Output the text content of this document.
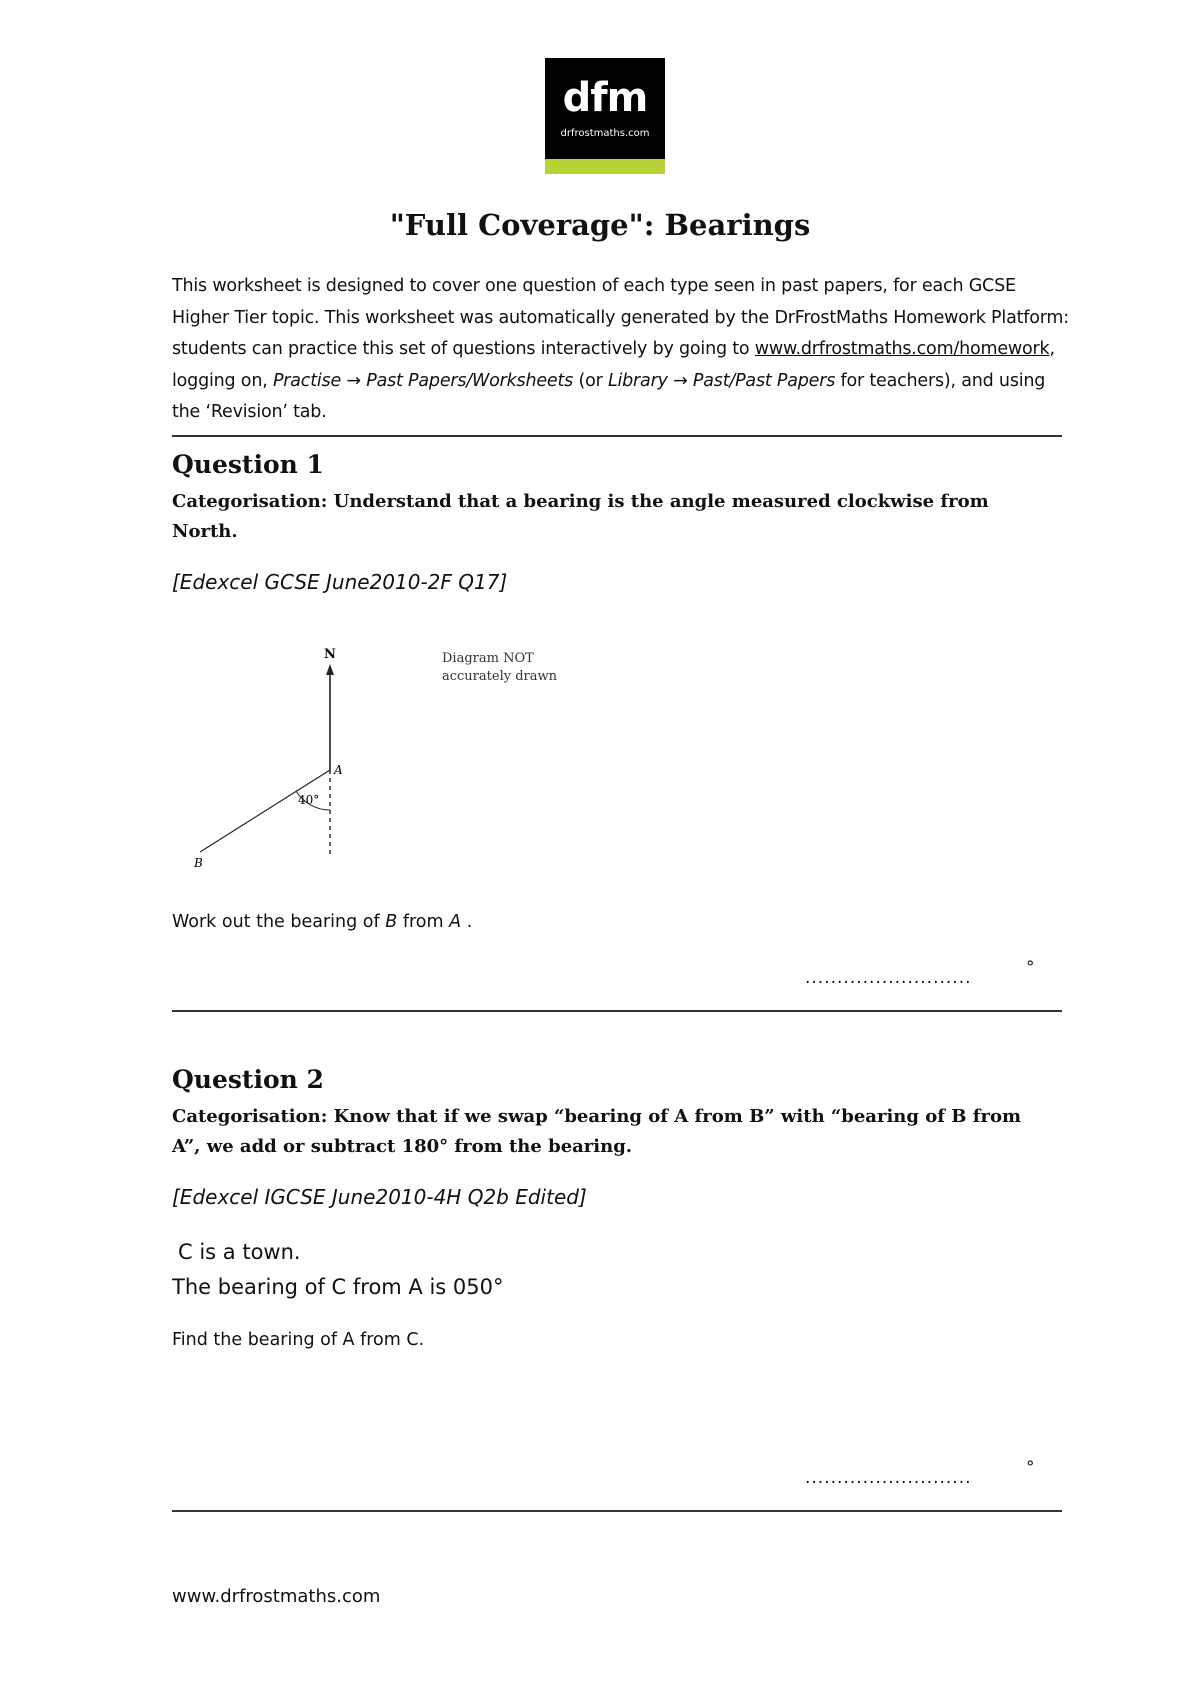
dfm
drfrostmaths.com
"Full Coverage": Bearings
This worksheet is designed to cover one question of each type seen in past papers, for each GCSE Higher Tier topic. This worksheet was automatically generated by the DrFrostMaths Homework Platform: students can practice this set of questions interactively by going to www.drfrostmaths.com/homework, logging on, Practise → Past Papers/Worksheets (or Library → Past/Past Papers for teachers), and using the ‘Revision’ tab.
Question 1
Categorisation: Understand that a bearing is the angle measured clockwise from North.
[Edexcel GCSE June2010-2F Q17]
N
A
B
40°
Diagram NOT
accurately drawn
Work out the bearing of B from A .
..........................	°
Question 2
Categorisation: Know that if we swap “bearing of A from B” with “bearing of B from A”, we add or subtract 180° from the bearing.
[Edexcel IGCSE June2010-4H Q2b Edited]
C is a town.
The bearing of C from A is 050°
Find the bearing of A from C.
..........................	°
www.drfrostmaths.com
